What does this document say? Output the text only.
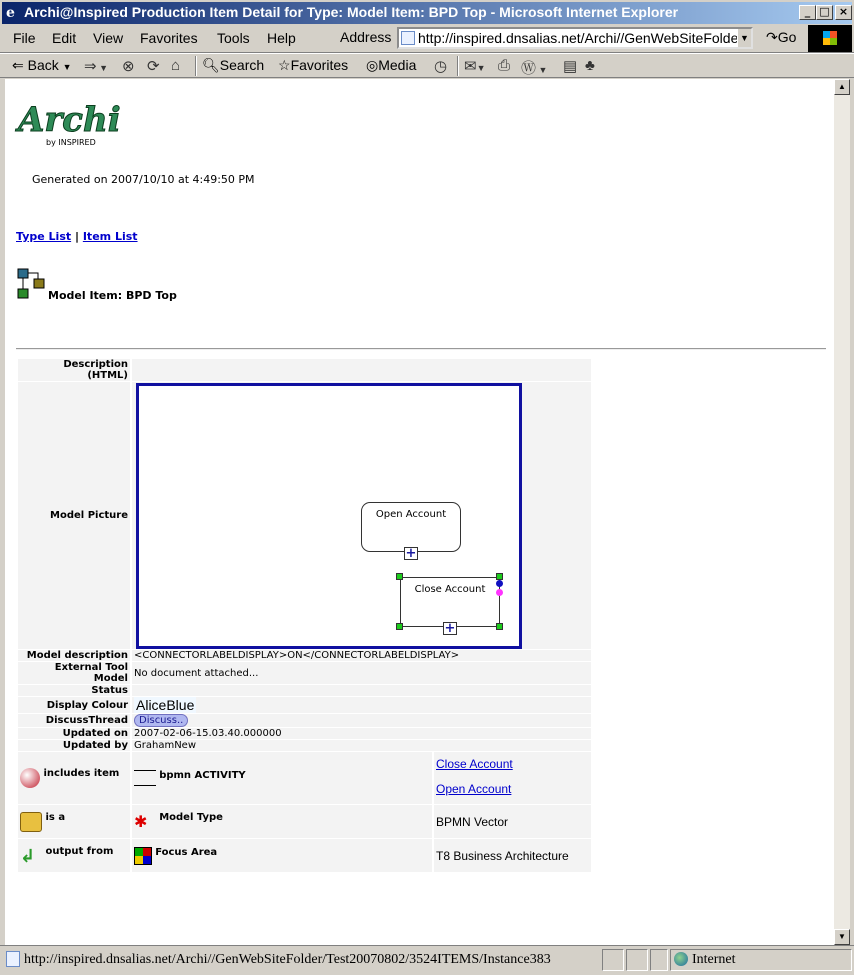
e Archi@Inspired Production Item Detail for Type: Model Item: BPD Top - Microsoft Internet Explorer	_ □ ×
File Edit View Favorites Tools Help	Address
http://inspired.dnsalias.net/Archi//GenWebSiteFolde	▼ ↷Go
⇐ Back ▼ ⇒ ▼ ⊗ ⟳ ⌂ 🔍︎Search ☆Favorites ◎Media ◷ ✉▼ ⎙ Ⓦ ▼ ▤ ♣
Archi
by INSPIRED
Generated on 2007/10/10 at 4:49:50 PM
Type List | Item List
Model Item: BPD Top
Description (HTML)		
Model Picture	Open Account
+
Close Account
+	

Model description	<CONNECTORLABELDISPLAY>ON</CONNECTORLABELDISPLAY>	
External Tool Model	No document attached...	
Status		
Display Colour	AliceBlue	
DiscussThread	Discuss..	
Updated on	2007-02-06-15.03.40.000000	
Updated by	GrahamNew	
includes item	bpmn ACTIVITY	Close Account
Open Account
is a	✱ Model Type	BPMN Vector
↲ output from	Focus Area	T8 Business Architecture
▲
▼
http://inspired.dnsalias.net/Archi//GenWebSiteFolder/Test20070802/3524ITEMS/Instance383	Internet
